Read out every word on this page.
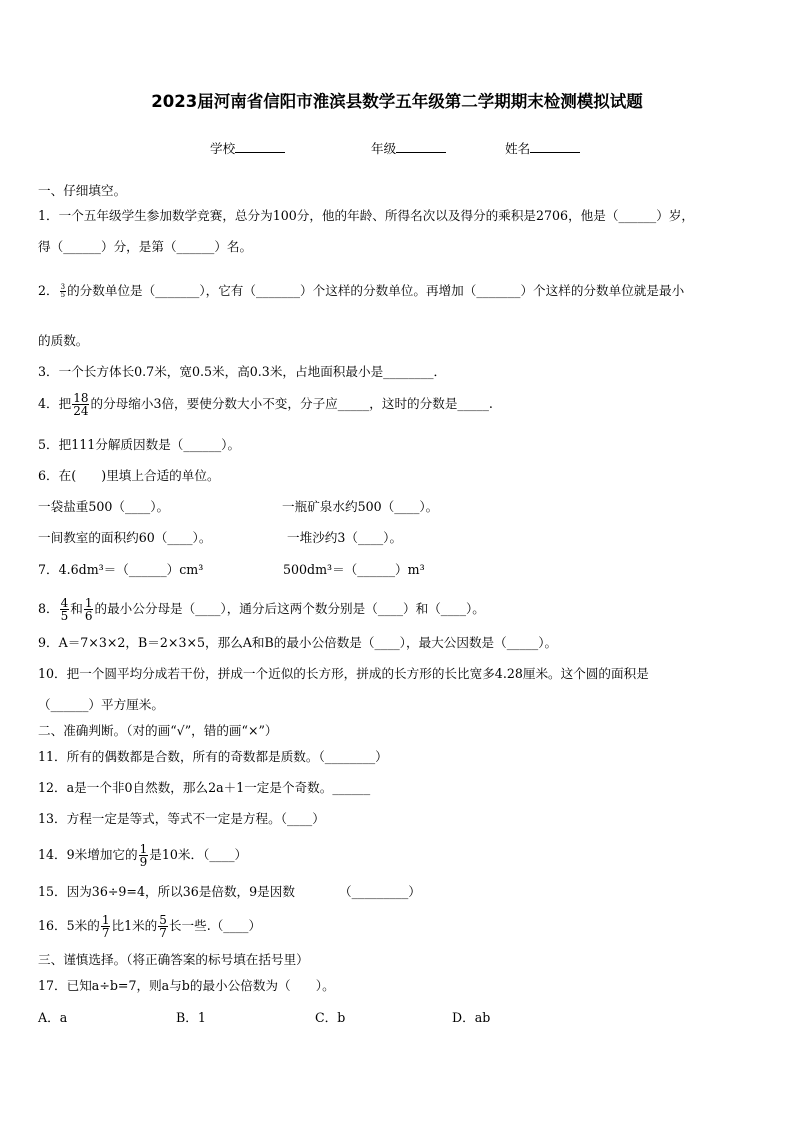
2023届河南省信阳市淮滨县数学五年级第二学期期末检测模拟试题
学校	年级	姓名
一、仔细填空。
1．一个五年级学生参加数学竞赛，总分为100分，他的年龄、所得名次以及得分的乘积是2706，他是（______）岁，
得（______）分，是第（______）名。
2． $\frac{3}{5}$ 的分数单位是（_______），它有（_______）个这样的分数单位。再增加（_______）个这样的分数单位就是最小
的质数。
3．一个长方体长0.7米，宽0.5米，高0.3米，占地面积最小是________．
4．把 $\frac{18}{24}$ 的分母缩小3倍，要使分数大小不变，分子应_____，这时的分数是_____.
5．把111分解质因数是（______）。
6．在(　　)里填上合适的单位。
一袋盐重500（____）。	一瓶矿泉水约500（____）。
一间教室的面积约60（____）。	一堆沙约3（____）。
7．4.6dm³＝（______）cm³	500dm³＝（______）m³
8． $\frac{4}{5}$ 和 $\frac{1}{6}$ 的最小公分母是（____），通分后这两个数分别是（____）和（____）。
9．A＝7×3×2，B＝2×3×5，那么A和B的最小公倍数是（____），最大公因数是（_____）。
10．把一个圆平均分成若干份，拼成一个近似的长方形，拼成的长方形的长比宽多4.28厘米。这个圆的面积是
（______）平方厘米。
二、准确判断。（对的画“√”，错的画“×”）
11．所有的偶数都是合数，所有的奇数都是质数。（________）
12．a是一个非0自然数，那么2a＋1一定是个奇数。______
13．方程一定是等式，等式不一定是方程。（____）
14．9米增加它的 $\frac{1}{9}$ 是10米．（____）
15．因为36÷9=4，所以36是倍数，9是因数　　　　（_________）
16．5米的 $\frac{1}{7}$ 比1米的 $\frac{5}{7}$ 长一些.（____）
三、谨慎选择。（将正确答案的标号填在括号里）
17．已知a÷b=7，则a与b的最小公倍数为（　　）。
A．a	B．1	C．b	D．ab
